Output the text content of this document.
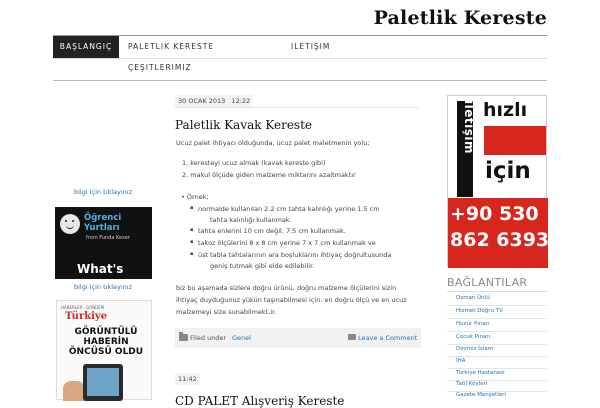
Paletlik Kereste
BAŞLANGIÇ	PALETLIK KERESTE	ILETIŞIM
ÇEŞITLERIMIZ
bilgi için tıklayınız
Öğrenci
Yurtları
from Funda Keser
What's
bilgi için tıklayınız
HABERLER · GÜNDEM
Türkiye
GÖRÜNTÜLÜ
HABERİN
ÖNCÜSÜ OLDU
30 OCAK 2013 12:22
Paletlik Kavak Kereste
Ucuz palet ihtiyacı olduğunda, ucuz palet maletmenin yolu;
1. keresteyi ucuz almak (kavak kereste gibi)
2. makul ölçüde giden malzeme miktarını azaltmaktır
• Örnek;
▪ normalde kullanılan 2.2 cm tahta kalınlığı yerine 1.5 cm
tahta kalınlığı kullanmak.
▪ tahta enlerini 10 cm değil. 7.5 cm kullanmak.
▪ takoz ölçülerini 8 x 8 cm yerine 7 x 7 cm kullanmak ve
▪ üst tabla tahtalarının ara boşluklarını ihtiyaç doğrultusunda
geniş tutmak gibi elde edilebilir.
biz bu aşamada sizlere doğru ürünü, doğru malzeme ölçülerini sizin
ihtiyaç duyduğunuz yükün taşınabilmesi için. en doğru ölçü ve en ucuz
malzemeyi size sunabilmekt.ir.
Filed under Genel	Leave a Comment
11:42
CD PALET Alışveriş Kereste
iletişim hızlı
için
+90 530
862 6393
BAĞLANTILAR
Osman Ünlü
Hizmet Doğru TV
Huzur Pınarı
Çocuk Pınarı
Dinimiz İslam
İHA
Türkiye Hastanesi
Tatil Köyleri
Gazete Manşetleri
